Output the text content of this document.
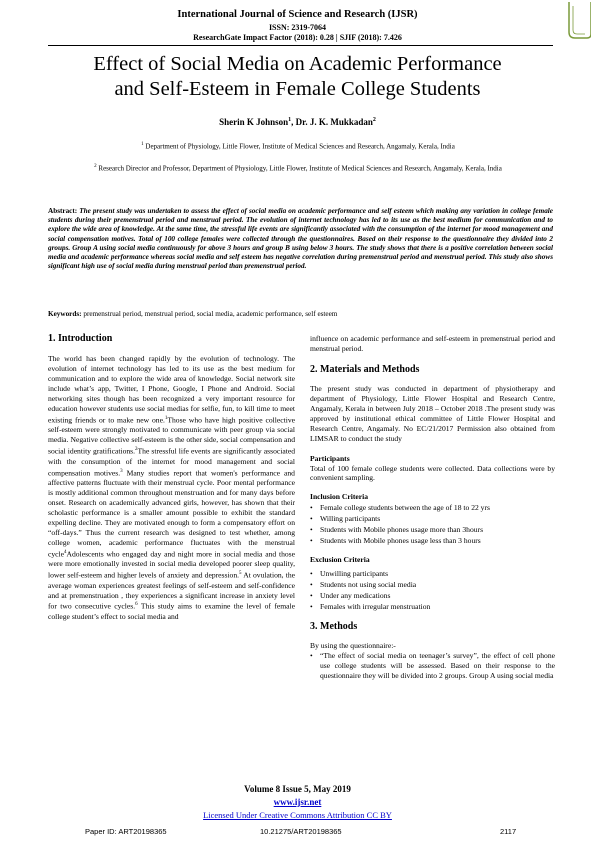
International Journal of Science and Research (IJSR)
ISSN: 2319-7064
ResearchGate Impact Factor (2018): 0.28 | SJIF (2018): 7.426
Effect of Social Media on Academic Performance
and Self-Esteem in Female College Students
Sherin K Johnson$^1$, Dr. J. K. Mukkadan$^2$
$^1$ Department of Physiology, Little Flower, Institute of Medical Sciences and Research, Angamaly, Kerala, India
$^2$ Research Director and Professor, Department of Physiology, Little Flower, Institute of Medical Sciences and Research, Angamaly, Kerala, India
Abstract: The present study was undertaken to assess the effect of social media on academic performance and self esteem which making any variation in college female students during their premenstrual period and menstrual period. The evolution of internet technology has led to its use as the best medium for communication and to explore the wide area of knowledge. At the same time, the stressful life events are significantly associated with the consumption of the internet for mood management and social compensation motives. Total of 100 college females were collected through the questionnaires. Based on their response to the questionnaire they divided into 2 groups. Group A using social media continuously for above 3 hours and group B using below 3 hours. The study shows that there is a positive correlation between social media and academic performance whereas social media and self esteem has negative correlation during premenstrual period and menstrual period. This study also shows significant high use of social media during menstrual period than premenstrual period.
Keywords: premenstrual period, menstrual period, social media, academic performance, self esteem
1. Introduction
The world has been changed rapidly by the evolution of technology. The evolution of internet technology has led to its use as the best medium for communication and to explore the wide area of knowledge. Social network site include what’s app, Twitter, I Phone, Google, I Phone and Android. Social networking sites though has been recognized a very important resource for education however students use social medias for selfie, fun, to kill time to meet existing friends or to make new one.$^1$Those who have high positive collective self-esteem were strongly motivated to communicate with peer group via social media. Negative collective self-esteem is the other side, social compensation and social identity gratifications.$^2$The stressful life events are significantly associated with the consumption of the internet for mood management and social compensation motives.$^3$ Many studies report that women's performance and affective patterns fluctuate with their menstrual cycle. Poor mental performance is mostly additional common throughout menstruation and for many days before onset. Research on academically advanced girls, however, has shown that their scholastic performance is a smaller amount possible to exhibit the standard expelling decline. They are motivated enough to form a compensatory effort on “off-days.” Thus the current research was designed to test whether, among college women, academic performance fluctuates with the menstrual cycle$^4$Adolescents who engaged day and night more in social media and those were more emotionally invested in social media developed poorer sleep quality, lower self-esteem and higher levels of anxiety and depression.$^5$ At ovulation, the average woman experiences greatest feelings of self-esteem and self-confidence and at premenstruation , they experiences a significant increase in anxiety level for two consecutive cycles.$^6$ This study aims to examine the level of female college student’s effect to social media and
influence on academic performance and self-esteem in premenstrual period and menstrual period.
2. Materials and Methods
The present study was conducted in department of physiotherapy and department of Physiology, Little Flower Hospital and Research Centre, Angamaly, Kerala in between July 2018 – October 2018 .The present study was approved by institutional ethical committee of Little Flower Hospital and Research Centre, Angamaly. No EC/21/2017 Permission also obtained from LIMSAR to conduct the study
Participants
Total of 100 female college students were collected. Data collections were by convenient sampling.
Inclusion Criteria
• Female college students between the age of 18 to 22 yrs
• Willing participants
• Students with Mobile phones usage more than 3hours
• Students with Mobile phones usage less than 3 hours
Exclusion Criteria
• Unwilling participants
• Students not using social media
• Under any medications
• Females with irregular menstruation
3. Methods
By using the questionnaire:-
• “The effect of social media on teenager’s survey”, the effect of cell phone use college students will be assessed. Based on their response to the questionnaire they will be divided into 2 groups. Group A using social media
Volume 8 Issue 5, May 2019
www.ijsr.net
Licensed Under Creative Commons Attribution CC BY
Paper ID: ART20198365	10.21275/ART20198365	2117
